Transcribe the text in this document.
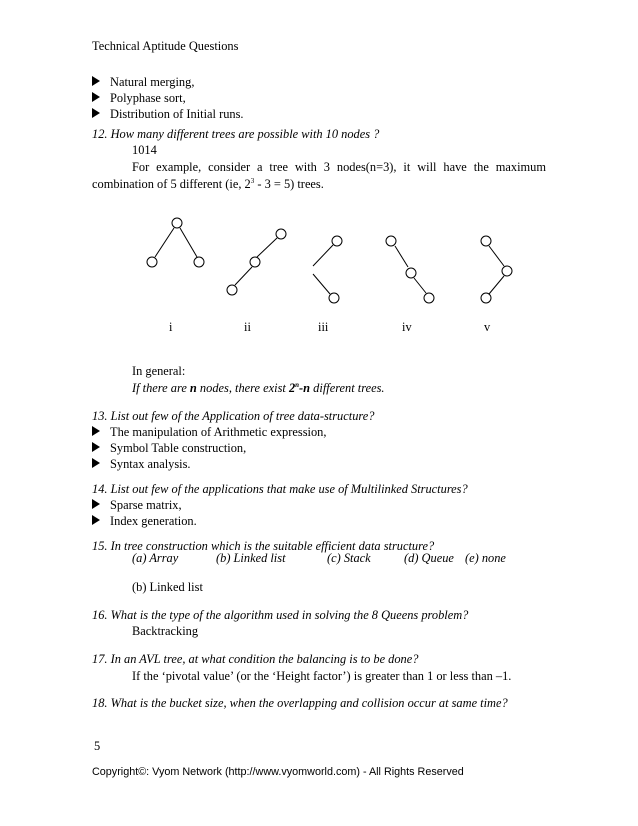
Technical Aptitude Questions
Natural merging,
Polyphase sort,
Distribution of Initial runs.
12. How many different trees are possible with 10 nodes ?
1014
For example, consider a tree with 3 nodes(n=3), it will have the maximum
combination of 5 different (ie, $2^3 - 3 = 5$) trees.
i	ii	iii	iv	v
In general:
If there are n nodes, there exist 2$^n$-n different trees.
13. List out few of the Application of tree data-structure?
The manipulation of Arithmetic expression,
Symbol Table construction,
Syntax analysis.
14. List out few of the applications that make use of Multilinked Structures?
Sparse matrix,
Index generation.
15. In tree construction which is the suitable efficient data structure?
(a) Array	(b) Linked list	(c) Stack	(d) Queue (e) none
(b) Linked list
16. What is the type of the algorithm used in solving the 8 Queens problem?
Backtracking
17. In an AVL tree, at what condition the balancing is to be done?
If the ‘pivotal value’ (or the ‘Height factor’) is greater than 1 or less than –1.
18. What is the bucket size, when the overlapping and collision occur at same time?
5
Copyright©: Vyom Network (http://www.vyomworld.com) - All Rights Reserved
